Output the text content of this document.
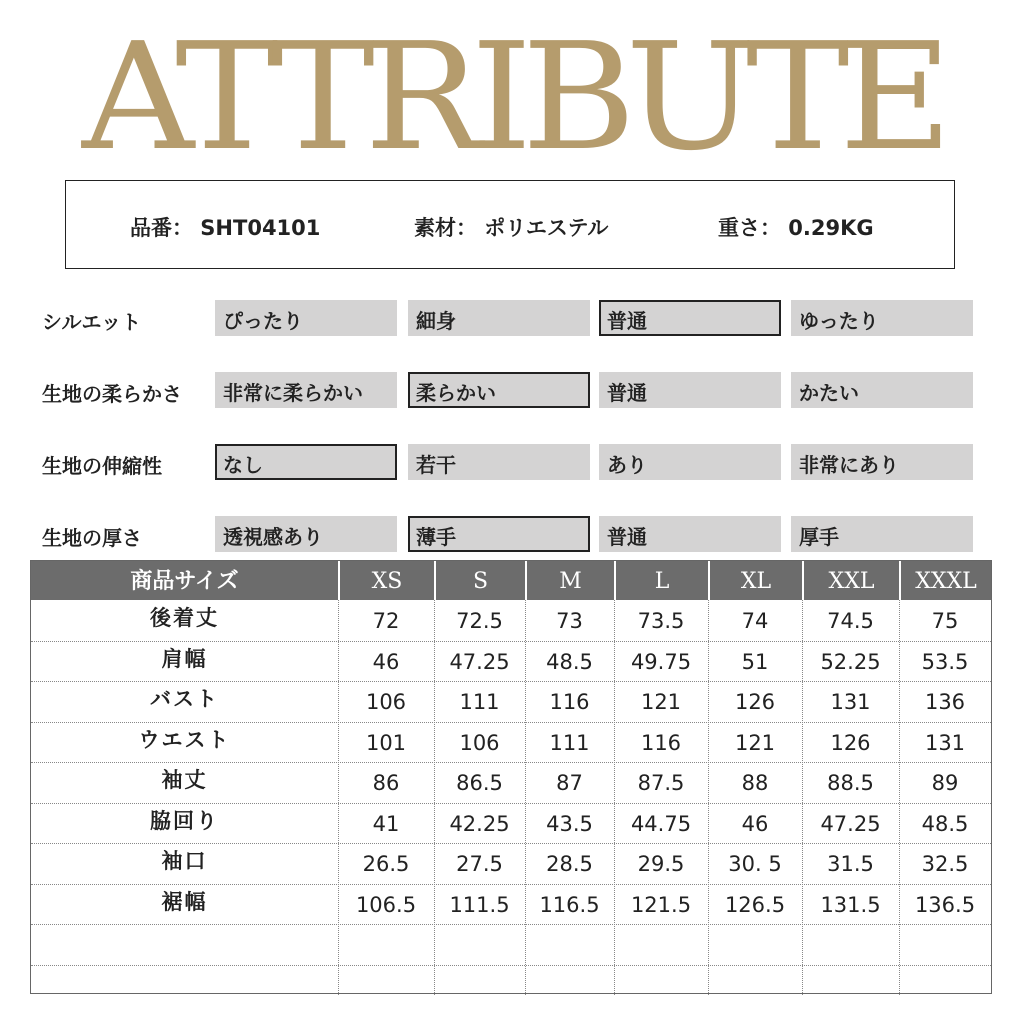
ATTRIBUTE
品番： SHT04101	素材： ポリエステル	重さ： 0.29KG
シルエット	ぴったり	細身	普通	ゆったり
生地の柔らかさ	非常に柔らかい	柔らかい	普通	かたい
生地の伸縮性	なし	若干	あり	非常にあり
生地の厚さ	透視感あり	薄手	普通	厚手
商品サイズ	XS	S	M	L	XL	XXL	XXXL
後着丈	72	72.5	73	73.5	74	74.5	75
肩幅	46	47.25	48.5	49.75	51	52.25	53.5
バスト	106	111	116	121	126	131	136
ウエスト	101	106	111	116	121	126	131
袖丈	86	86.5	87	87.5	88	88.5	89
脇回り	41	42.25	43.5	44.75	46	47.25	48.5
袖口	26.5	27.5	28.5	29.5	30. 5	31.5	32.5
裾幅	106.5	111.5	116.5	121.5	126.5	131.5	136.5
